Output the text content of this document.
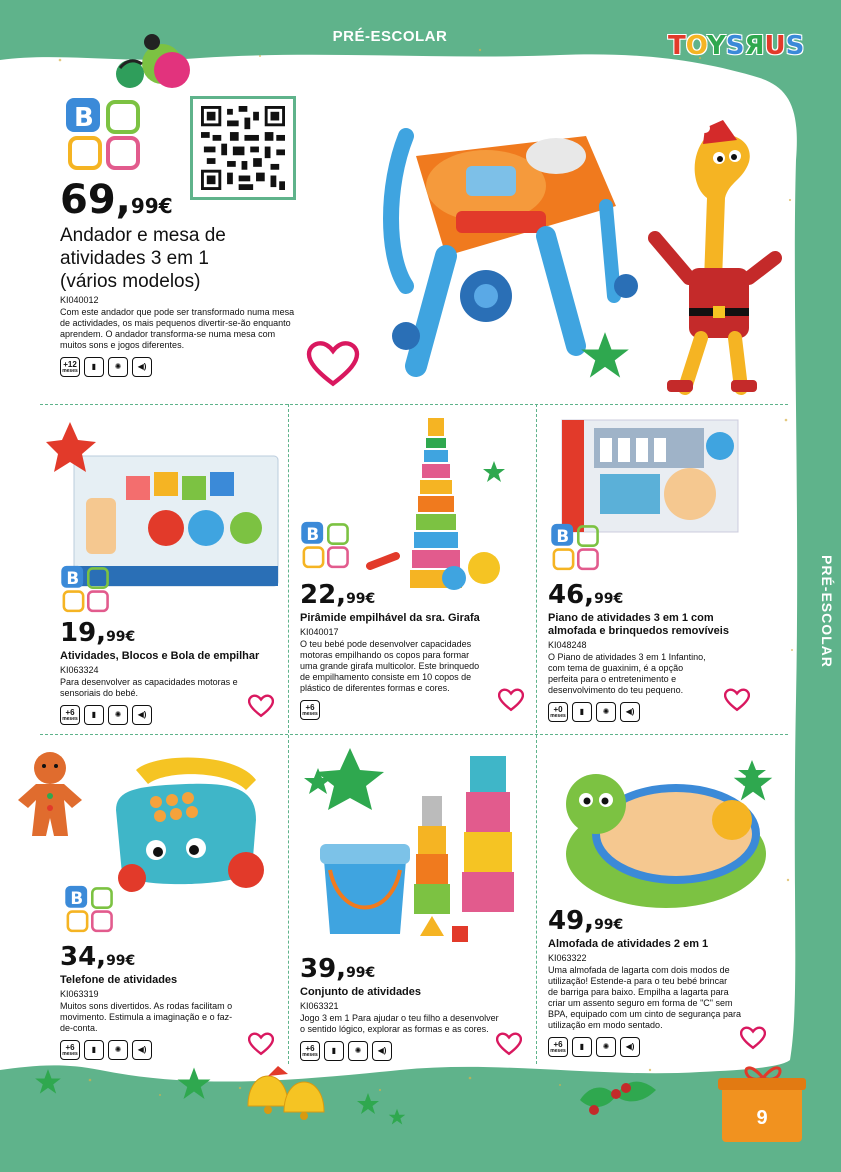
PRÉ-ESCOLAR
PRÉ-ESCOLAR
TOYSЯUS
B
69,99€
Andador e mesa de
atividades 3 em 1
(vários modelos)
KI040012
Com este andador que pode ser transformado numa mesa
de actividades, os mais pequenos divertir-se-ão enquanto
aprendem. O andador transforma-se numa mesa com
muitos sons e jogos diferentes.
+12
meses	▮	✺	◀)
B
B	B
19,99€
Atividades, Blocos e Bola de empilhar
KI063324
Para desenvolver as capacidades motoras e
sensoriais do bebé.
+6
meses	▮	✺	◀)
22,99€
Pirâmide empilhável da sra. Girafa
KI040017
O teu bebé pode desenvolver capacidades
motoras empilhando os copos para formar
uma grande girafa multicolor. Este brinquedo
de empilhamento consiste em 10 copos de
plástico de diferentes formas e cores.
+6
meses
46,99€
Piano de atividades 3 em 1 com
almofada e brinquedos removíveis
KI048248
O Piano de atividades 3 em 1 Infantino,
com tema de guaxinim, é a opção
perfeita para o entretenimento e
desenvolvimento do teu pequeno.
+0
meses	▮	✺	◀)
B
34,99€
Telefone de atividades
KI063319
Muitos sons divertidos. As rodas facilitam o
movimento. Estimula a imaginação e o faz-
de-conta.
+6
meses	▮	✺	◀)
39,99€
Conjunto de atividades
KI063321
Jogo 3 em 1 Para ajudar o teu filho a desenvolver
o sentido lógico, explorar as formas e as cores.
+6
meses	▮	✺	◀)
49,99€
Almofada de atividades 2 em 1
KI063322
Uma almofada de lagarta com dois modos de
utilização! Estende-a para o teu bebé brincar
de barriga para baixo. Empilha a lagarta para
criar um assento seguro em forma de "C" sem
BPA, equipado com um cinto de segurança para
utilização em modo sentado.
+6
meses	▮	✺	◀)
9
